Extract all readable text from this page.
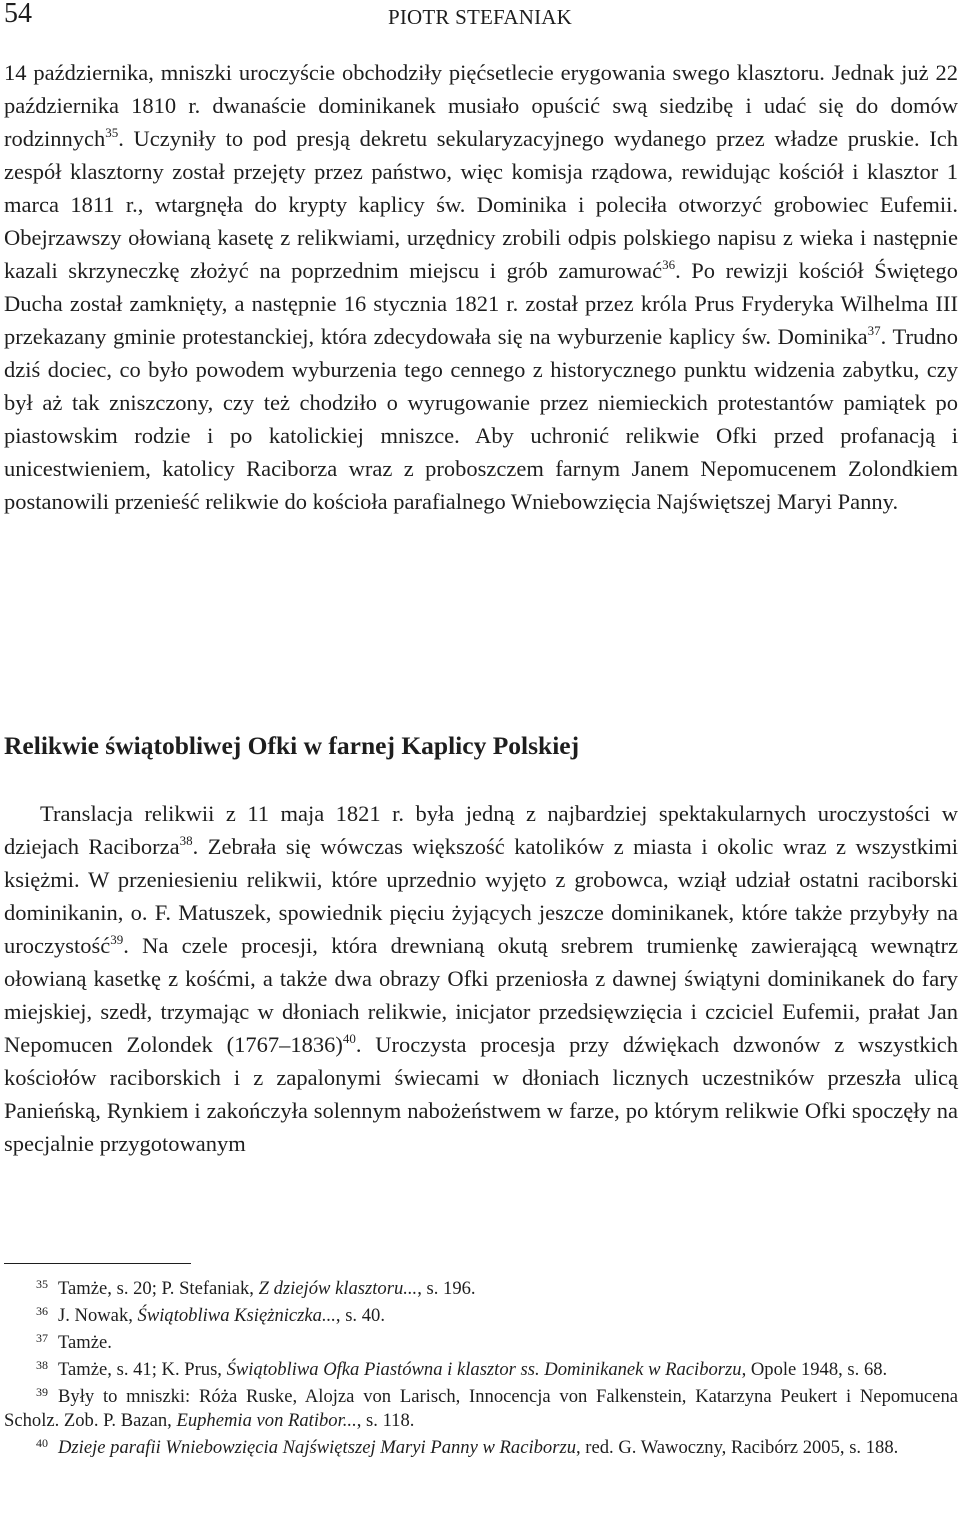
54	PIOTR STEFANIAK

14 października, mniszki uroczyście obchodziły pięćsetlecie erygowania swego klasztoru. Jednak już 22 października 1810 r. dwanaście dominikanek musiało opuścić swą siedzibę i udać się do domów rodzinnych$^{35}$. Uczyniły to pod presją dekretu sekularyzacyjnego wydanego przez władze pruskie. Ich zespół klasztorny został przejęty przez państwo, więc komisja rządowa, rewidując kościół i klasztor 1 marca 1811 r., wtargnęła do krypty kaplicy św. Dominika i poleciła otworzyć grobowiec Eufemii. Obejrzawszy ołowianą kasetę z relikwiami, urzędnicy zrobili odpis polskiego napisu z wieka i następnie kazali skrzyneczkę złożyć na poprzednim miejscu i grób zamurować$^{36}$. Po rewizji kościół Świętego Ducha został zamknięty, a następnie 16 stycznia 1821 r. został przez króla Prus Fryderyka Wilhelma III przekazany gminie protestanckiej, która zdecydowała się na wyburzenie kaplicy św. Dominika$^{37}$. Trudno dziś dociec, co było powodem wyburzenia tego cennego z historycznego punktu widzenia zabytku, czy był aż tak zniszczony, czy też chodziło o wyrugowanie przez niemieckich protestantów pamiątek po piastowskim rodzie i po katolickiej mniszce. Aby uchronić relikwie Ofki przed profanacją i unicestwieniem, katolicy Raciborza wraz z proboszczem farnym Janem Nepomucenem Zolondkiem postanowili przenieść relikwie do kościoła parafialnego Wniebowzięcia Najświętszej Maryi Panny.

Relikwie świątobliwej Ofki w farnej Kaplicy Polskiej

Translacja relikwii z 11 maja 1821 r. była jedną z najbardziej spektakularnych uroczystości w dziejach Raciborza$^{38}$. Zebrała się wówczas większość katolików z miasta i okolic wraz z wszystkimi księżmi. W przeniesieniu relikwii, które uprzednio wyjęto z grobowca, wziął udział ostatni raciborski dominikanin, o. F. Matuszek, spowiednik pięciu żyjących jeszcze dominikanek, które także przybyły na uroczystość$^{39}$. Na czele procesji, która drewnianą okutą srebrem trumienkę zawierającą wewnątrz ołowianą kasetkę z kośćmi, a także dwa obrazy Ofki przeniosła z dawnej świątyni dominikanek do fary miejskiej, szedł, trzymając w dłoniach relikwie, inicjator przedsięwzięcia i czciciel Eufemii, prałat Jan Nepomucen Zolondek (1767–1836)$^{40}$. Uroczysta procesja przy dźwiękach dzwonów z wszystkich kościołów raciborskich i z zapalonymi świecami w dłoniach licznych uczestników przeszła ulicą Panieńską, Rynkiem i zakończyła solennym nabożeństwem w farze, po którym relikwie Ofki spoczęły na specjalnie przygotowanym

$^{35}$ Tamże, s. 20; P. Stefaniak, Z dziejów klasztoru..., s. 196.

$^{36}$ J. Nowak, Świątobliwa Księżniczka..., s. 40.

$^{37}$ Tamże.

$^{38}$ Tamże, s. 41; K. Prus, Świątobliwa Ofka Piastówna i klasztor ss. Dominikanek w Raciborzu, Opole 1948, s. 68.

$^{39}$ Były to mniszki: Róża Ruske, Alojza von Larisch, Innocencja von Falkenstein, Katarzyna Peukert i Nepomucena Scholz. Zob. P. Bazan, Euphemia von Ratibor..., s. 118.

$^{40}$ Dzieje parafii Wniebowzięcia Najświętszej Maryi Panny w Raciborzu, red. G. Wawoczny, Racibórz 2005, s. 188.
